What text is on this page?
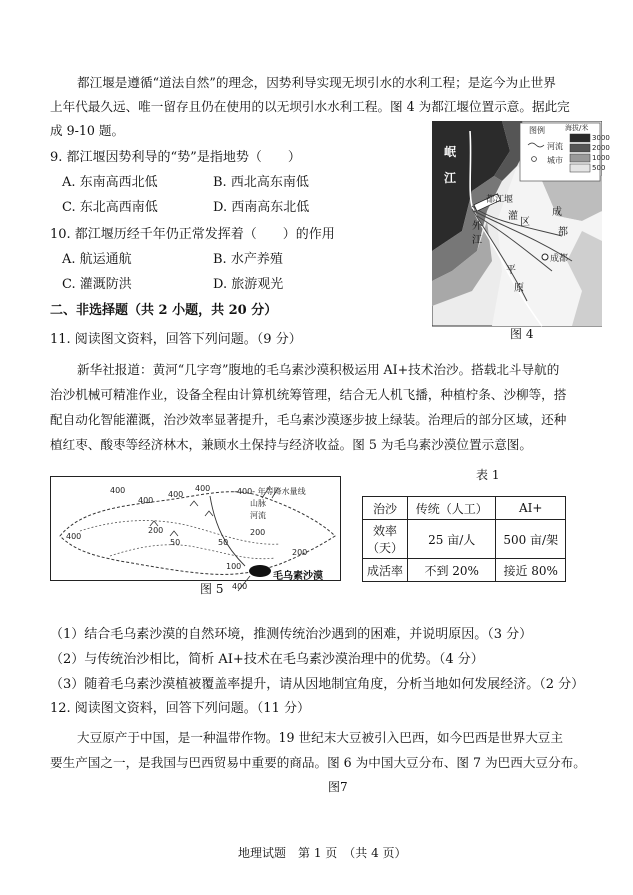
都江堰是遵循“道法自然”的理念，因势利导实现无坝引水的水利工程；是迄今为止世界
上年代最久远、唯一留存且仍在使用的以无坝引水水利工程。图 4 为都江堰位置示意。据此完
成 9-10 题。
9. 都江堰因势利导的“势”是指地势（　　）
A. 东南高西北低	B. 西北高东南低
C. 东北高西南低	D. 西南高东北低
10. 都江堰历经千年仍正常发挥着（　　）的作用
A. 航运通航	B. 水产养殖
C. 灌溉防洪	D. 旅游观光
二、非选择题（共 2 小题，共 20 分）
图例	海拔/米
河流
城市
3000
2000
1000
500
岷
江
都江堰
灌
区
成
都
外
江
平
原
成都
图 4
11. 阅读图文资料，回答下列问题。（9 分）
新华社报道：黄河“几字弯”腹地的毛乌素沙漠积极运用 AI+技术治沙。搭载北斗导航的
治沙机械可精准作业，设备全程由计算机统筹管理，结合无人机飞播，种植柠条、沙柳等，搭
配自动化智能灌溉，治沙效率显著提升，毛乌素沙漠逐步披上绿装。治理后的部分区域，还种
植红枣、酸枣等经济林木，兼顾水土保持与经济收益。图 5 为毛乌素沙漠位置示意图。
-400- 年等降水量线
山脉
河流
400
400
400
400
200
50	50
200
200
100
400
400
毛乌素沙漠
图 5
表 1
治沙	传统（人工）	AI+
效率（天）	25 亩/人	500 亩/架
成活率	不到 20%	接近 80%
（1）结合毛乌素沙漠的自然环境，推测传统治沙遇到的困难，并说明原因。（3 分）
（2）与传统治沙相比，简析 AI+技术在毛乌素沙漠治理中的优势。（4 分）
（3）随着毛乌素沙漠植被覆盖率提升，请从因地制宜角度，分析当地如何发展经济。（2 分）
12. 阅读图文资料，回答下列问题。（11 分）
大豆原产于中国，是一种温带作物。19 世纪末大豆被引入巴西，如今巴西是世界大豆主
要生产国之一，是我国与巴西贸易中重要的商品。图 6 为中国大豆分布、图 7 为巴西大豆分布。
图7
地理试题　第 1 页　（共 4 页）
